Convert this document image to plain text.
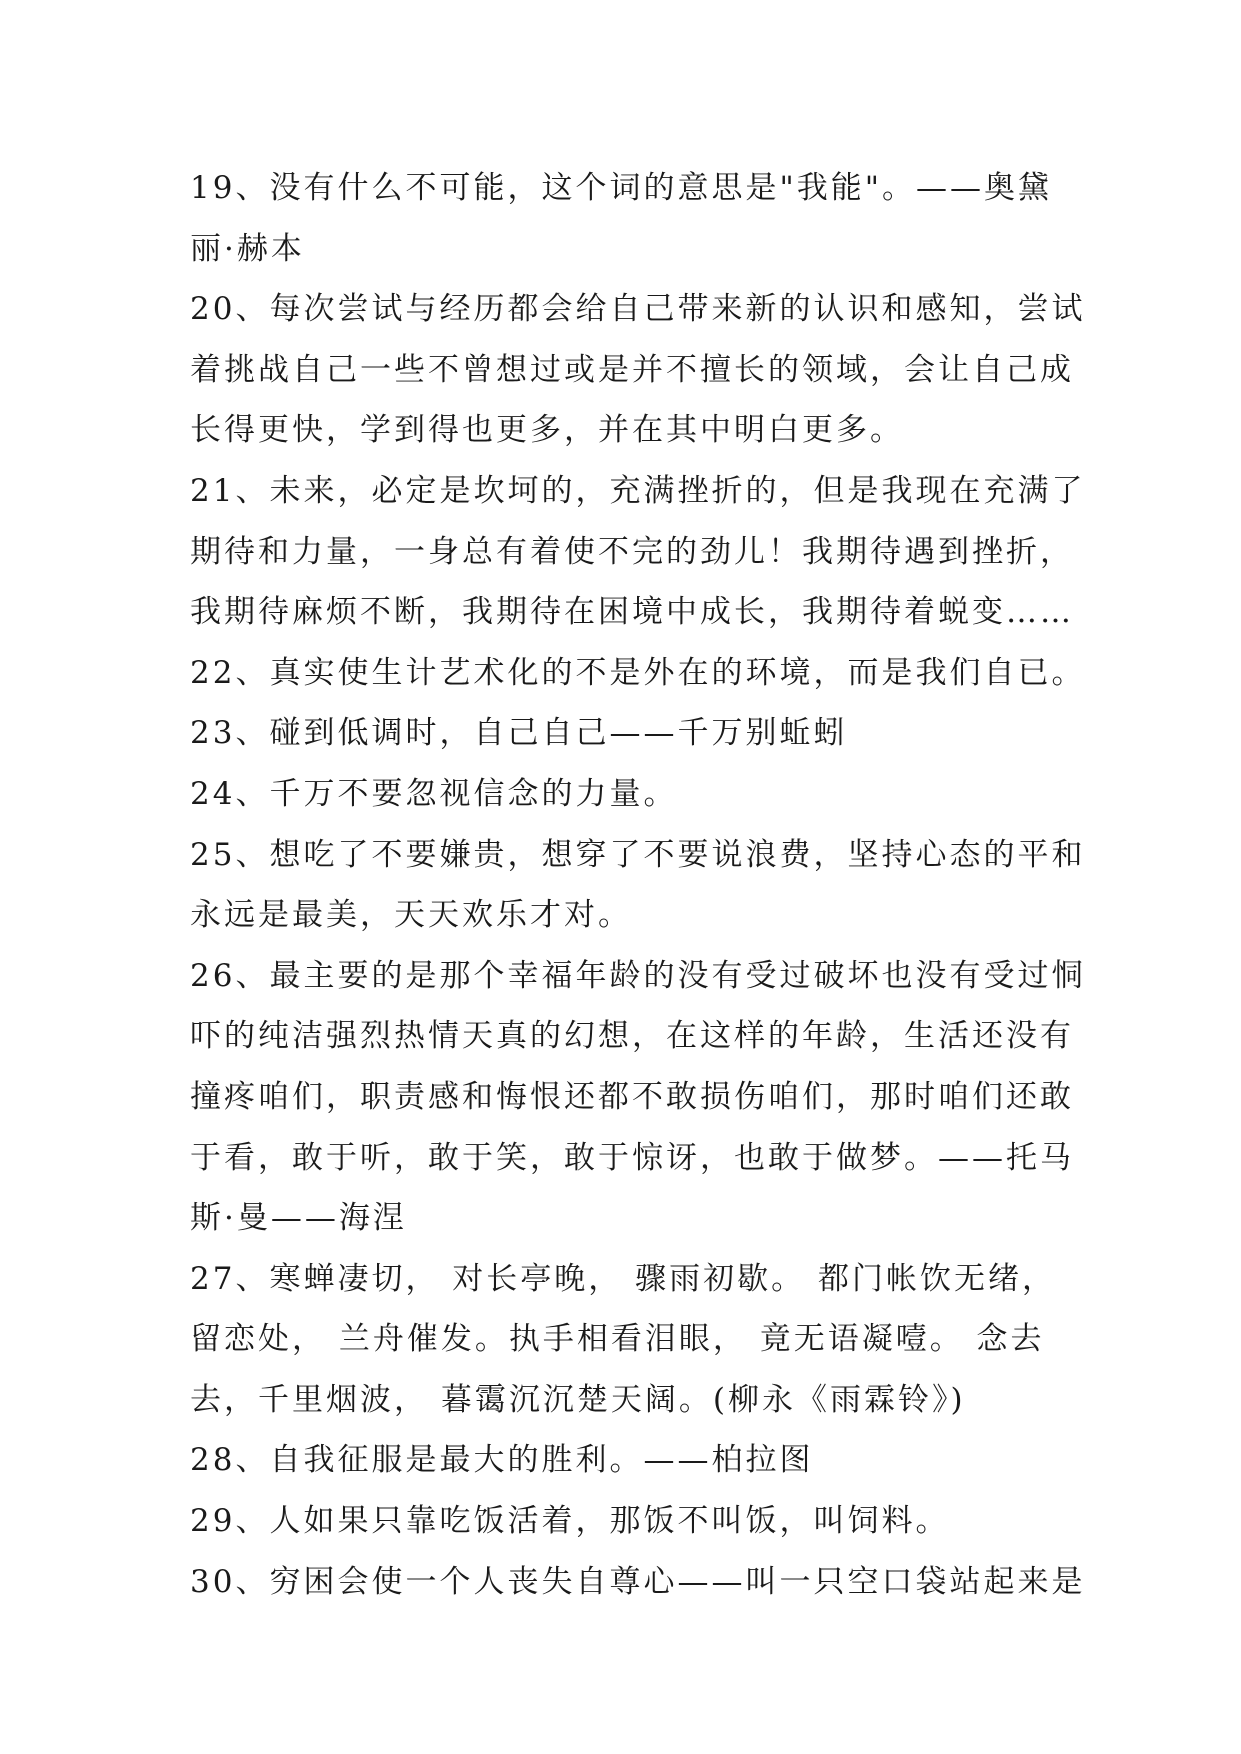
19、没有什么不可能，这个词的意思是"我能"。——奥黛
丽·赫本
20、每次尝试与经历都会给自己带来新的认识和感知，尝试
着挑战自己一些不曾想过或是并不擅长的领域，会让自己成
长得更快，学到得也更多，并在其中明白更多。
21、未来，必定是坎坷的，充满挫折的，但是我现在充满了
期待和力量，一身总有着使不完的劲儿！我期待遇到挫折，
我期待麻烦不断，我期待在困境中成长，我期待着蜕变……
22、真实使生计艺术化的不是外在的环境，而是我们自已。
23、碰到低调时，自己自己——千万别蚯蚓
24、千万不要忽视信念的力量。
25、想吃了不要嫌贵，想穿了不要说浪费，坚持心态的平和
永远是最美，天天欢乐才对。
26、最主要的是那个幸福年龄的没有受过破坏也没有受过恫
吓的纯洁强烈热情天真的幻想，在这样的年龄，生活还没有
撞疼咱们，职责感和悔恨还都不敢损伤咱们，那时咱们还敢
于看，敢于听，敢于笑，敢于惊讶，也敢于做梦。——托马
斯·曼——海涅
27、寒蝉凄切， 对长亭晚， 骤雨初歇。 都门帐饮无绪，
留恋处， 兰舟催发。执手相看泪眼， 竟无语凝噎。 念去
去，千里烟波， 暮霭沉沉楚天阔。(柳永《雨霖铃》)
28、自我征服是最大的胜利。——柏拉图
29、人如果只靠吃饭活着，那饭不叫饭，叫饲料。
30、穷困会使一个人丧失自尊心——叫一只空口袋站起来是
